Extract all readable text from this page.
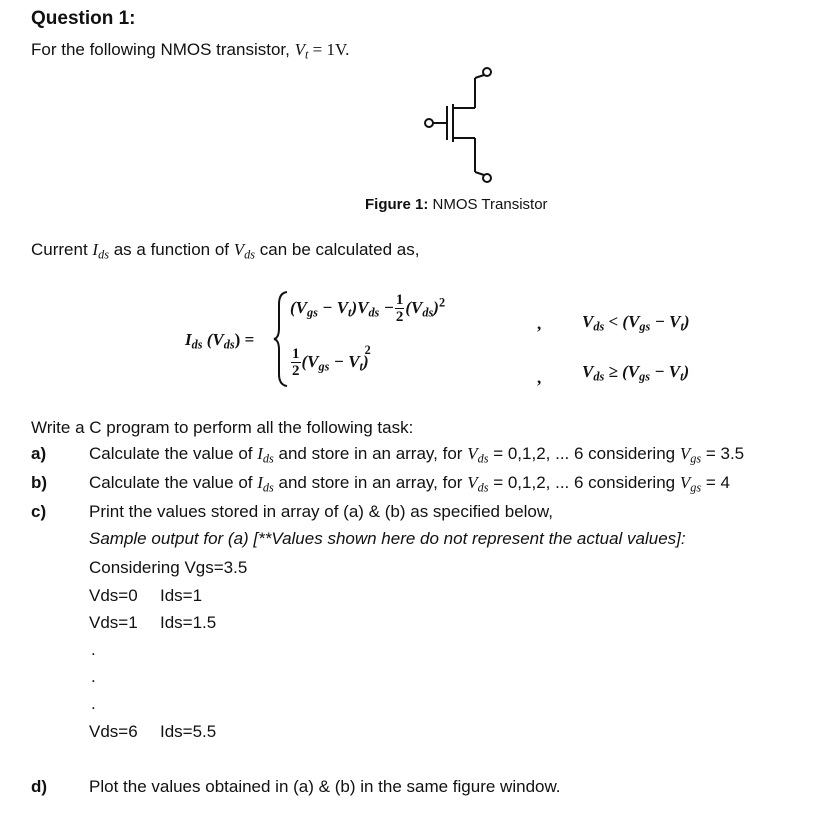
Question 1:
For the following NMOS transistor, $V_t = 1V$.
Figure 1: NMOS Transistor
Current $I_{ds}$ as a function of $V_{ds}$ can be calculated as,
$I_{ds}$ $(V_{ds})$ =
$(V_{gs} - V_t)V_{ds} - \frac{1}{2} (V_{ds})^2$
$\frac{1}{2} (V_{gs} - V_t)^2$
,
,
$V_{ds} < (V_{gs} - V_t)$
$V_{ds} \ge (V_{gs} - V_t)$
Write a C program to perform all the following task:
a)	Calculate the value of $I_{ds}$ and store in an array, for $V_{ds} = 0,1,2$, ... 6 considering $V_{gs} = 3.5$
b) Calculate the value of $I_{ds}$ and store in an array, for $V_{ds} = 0,1,2$, ... 6 considering $V_{gs} = 4$
c)	Print the values stored in array of (a) & (b) as specified below,
Sample output for (a) [**Values shown here do not represent the actual values]:
Considering Vgs=3.5
Vds=0 Ids=1
Vds=1 Ids=1.5
.
.
.
Vds=6 Ids=5.5
d) Plot the values obtained in (a) & (b) in the same figure window.
